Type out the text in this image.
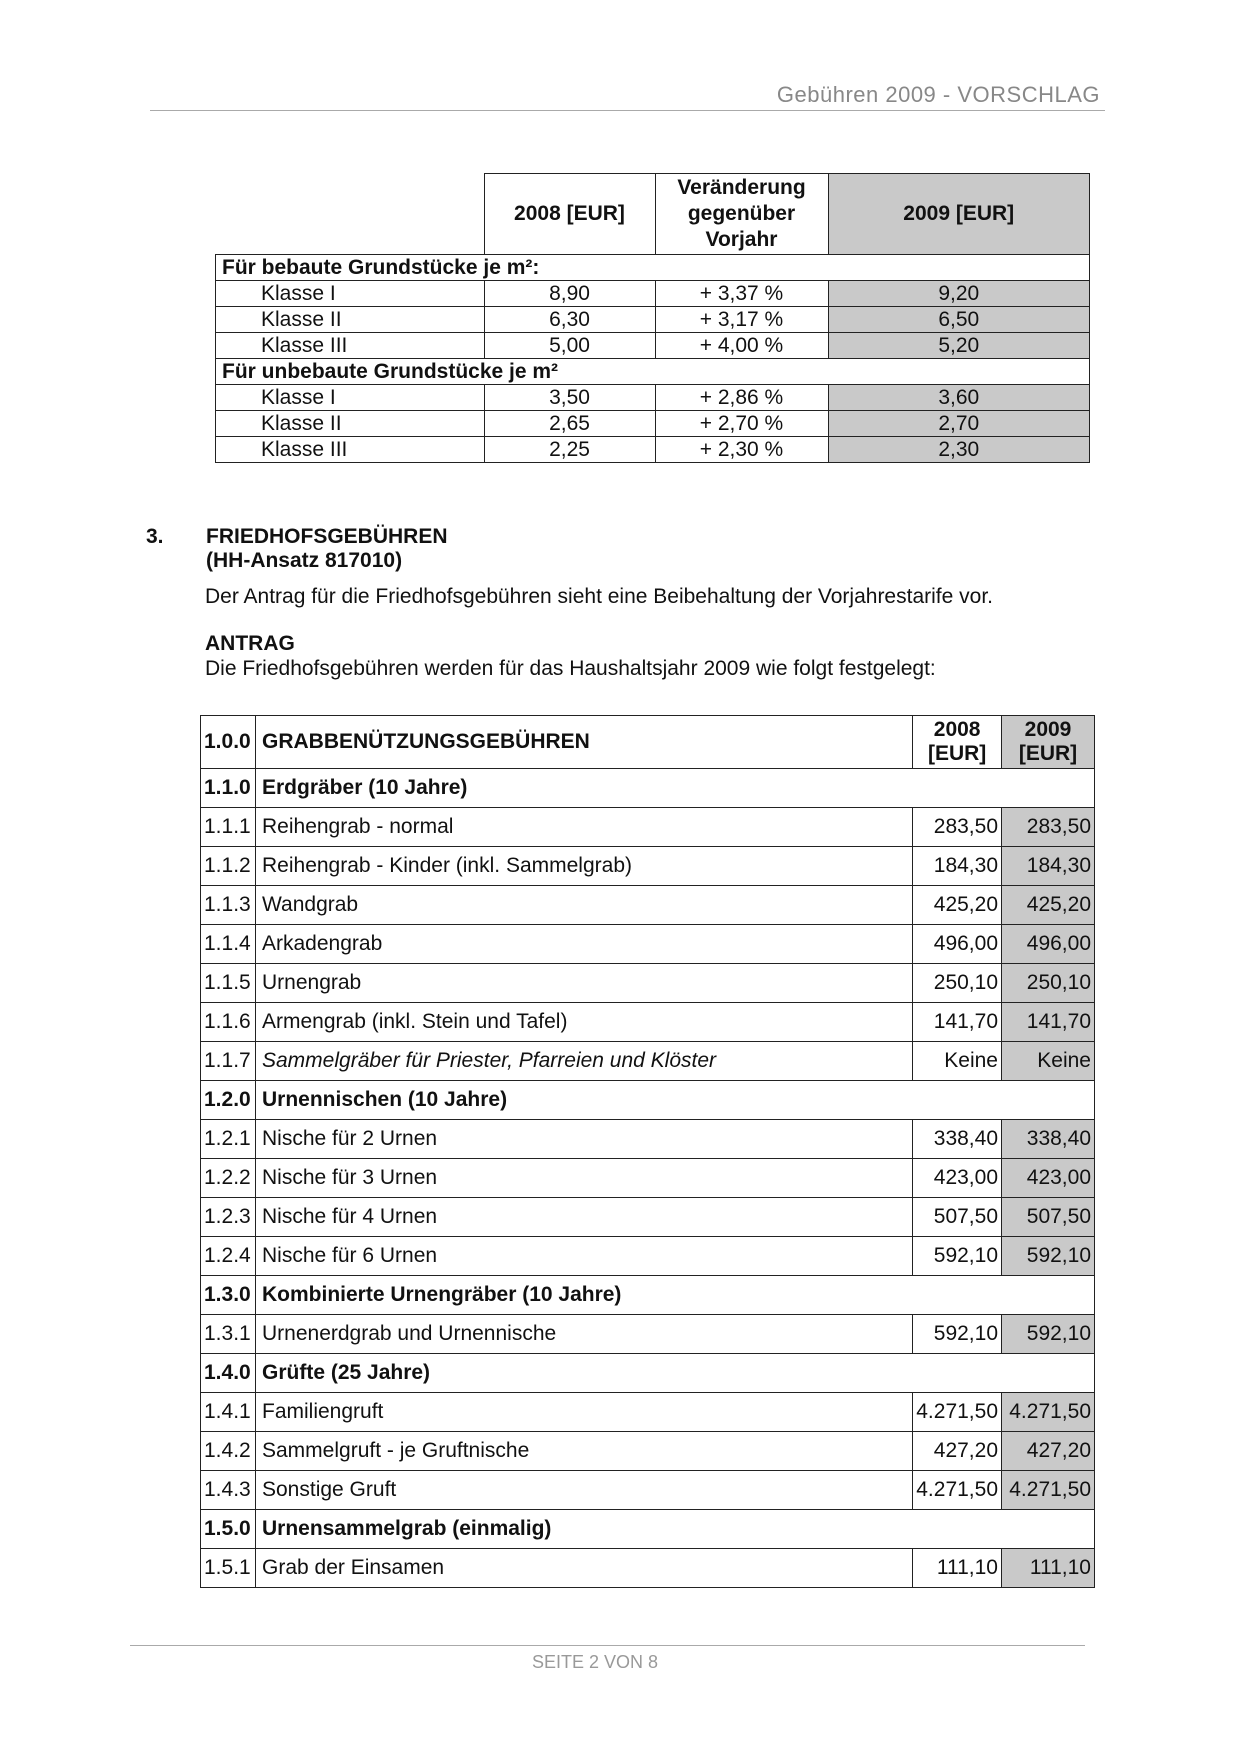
Gebühren 2009 - VORSCHLAG
	2008 [EUR]	Veränderung gegenüber Vorjahr	2009 [EUR]
Für bebaute Grundstücke je m²:			
Klasse I	8,90	+ 3,37 %	9,20
Klasse II	6,30	+ 3,17 %	6,50
Klasse III	5,00	+ 4,00 %	5,20
Für unbebaute Grundstücke je m²			
Klasse I	3,50	+ 2,86 %	3,60
Klasse II	2,65	+ 2,70 %	2,70
Klasse III	2,25	+ 2,30 %	2,30
3. FRIEDHOFSGEBÜHREN (HH-Ansatz 817010)
Der Antrag für die Friedhofsgebühren sieht eine Beibehaltung der Vorjahrestarife vor.
ANTRAG
Die Friedhofsgebühren werden für das Haushaltsjahr 2009 wie folgt festgelegt:
1.0.0	GRABBENÜTZUNGSGEBÜHREN	2008 [EUR]	2009 [EUR]
1.1.0	Erdgräber (10 Jahre)		
1.1.1	Reihengrab - normal	283,50	283,50
1.1.2	Reihengrab - Kinder (inkl. Sammelgrab)	184,30	184,30
1.1.3	Wandgrab	425,20	425,20
1.1.4	Arkadengrab	496,00	496,00
1.1.5	Urnengrab	250,10	250,10
1.1.6	Armengrab (inkl. Stein und Tafel)	141,70	141,70
1.1.7	Sammelgräber für Priester, Pfarreien und Klöster	Keine	Keine
1.2.0	Urnennischen (10 Jahre)		
1.2.1	Nische für 2 Urnen	338,40	338,40
1.2.2	Nische für 3 Urnen	423,00	423,00
1.2.3	Nische für 4 Urnen	507,50	507,50
1.2.4	Nische für 6 Urnen	592,10	592,10
1.3.0	Kombinierte Urnengräber (10 Jahre)		
1.3.1	Urnenerdgrab und Urnennische	592,10	592,10
1.4.0	Grüfte (25 Jahre)		
1.4.1	Familiengruft	4.271,50	4.271,50
1.4.2	Sammelgruft - je Gruftnische	427,20	427,20
1.4.3	Sonstige Gruft	4.271,50	4.271,50
1.5.0	Urnensammelgrab (einmalig)		
1.5.1	Grab der Einsamen	111,10	111,10
SEITE 2 VON 8
